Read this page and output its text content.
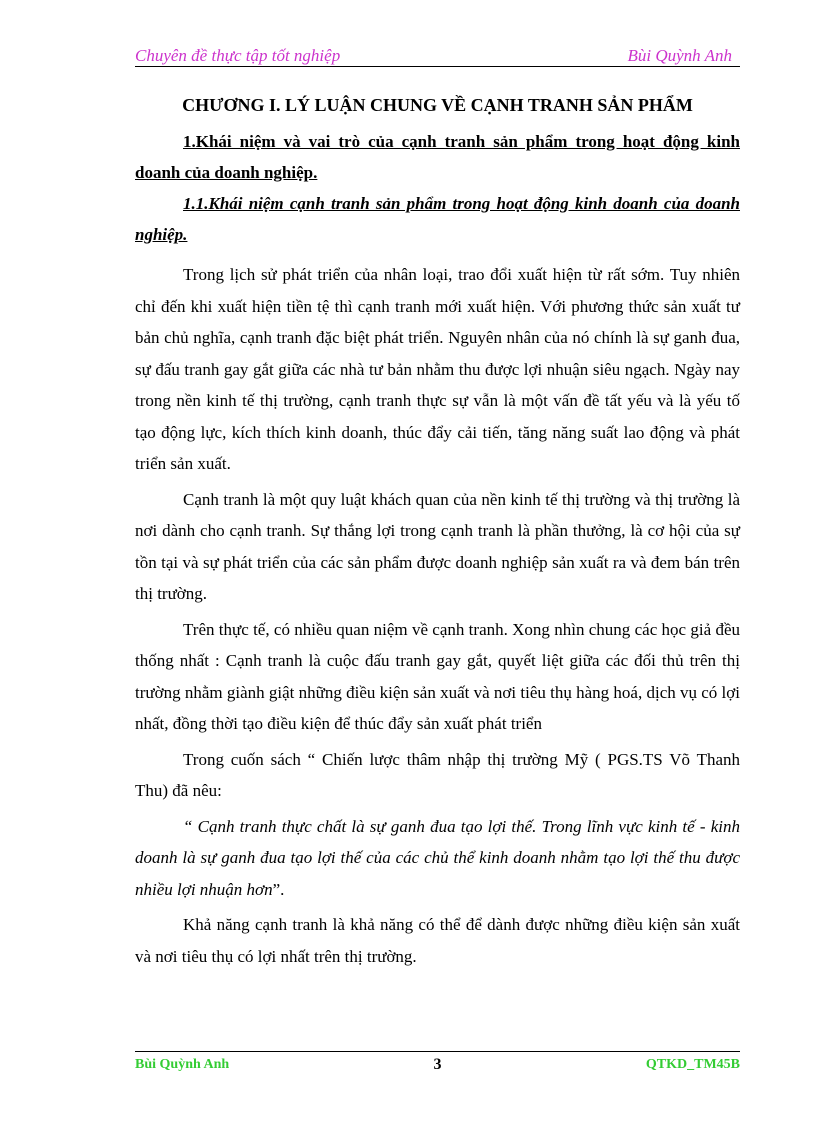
Chuyên đề thực tập tốt nghiệp	Bùi Quỳnh Anh
CHƯƠNG I. LÝ LUẬN CHUNG VỀ CẠNH TRANH SẢN PHẨM

1.Khái niệm và vai trò của cạnh tranh sản phẩm trong hoạt động kinh doanh của doanh nghiệp.

1.1.Khái niệm cạnh tranh sản phẩm trong hoạt động kinh doanh của doanh nghiệp.

Trong lịch sử phát triển của nhân loại, trao đổi xuất hiện từ rất sớm. Tuy nhiên chỉ đến khi xuất hiện tiền tệ thì cạnh tranh mới xuất hiện. Với phương thức sản xuất tư bản chủ nghĩa, cạnh tranh đặc biệt phát triển. Nguyên nhân của nó chính là sự ganh đua, sự đấu tranh gay gắt giữa các nhà tư bản nhằm thu được lợi nhuận siêu ngạch. Ngày nay trong nền kinh tế thị trường, cạnh tranh thực sự vẫn là một vấn đề tất yếu và là yếu tố tạo động lực, kích thích kinh doanh, thúc đẩy cải tiến, tăng năng suất lao động và phát triển sản xuất.

Cạnh tranh là một quy luật khách quan của nền kinh tế thị trường và thị trường là nơi dành cho cạnh tranh. Sự thắng lợi trong cạnh tranh là phần thưởng, là cơ hội của sự tồn tại và sự phát triển của các sản phẩm được doanh nghiệp sản xuất ra và đem bán trên thị trường.

Trên thực tế, có nhiều quan niệm về cạnh tranh. Xong nhìn chung các học giả đều thống nhất : Cạnh tranh là cuộc đấu tranh gay gắt, quyết liệt giữa các đối thủ trên thị trường nhằm giành giật những điều kiện sản xuất và nơi tiêu thụ hàng hoá, dịch vụ có lợi nhất, đồng thời tạo điều kiện để thúc đẩy sản xuất phát triển

Trong cuốn sách “ Chiến lược thâm nhập thị trường Mỹ ( PGS.TS Võ Thanh Thu) đã nêu:

“ Cạnh tranh thực chất là sự ganh đua tạo lợi thế. Trong lĩnh vực kinh tế - kinh doanh là sự ganh đua tạo lợi thế của các chủ thể kinh doanh nhằm tạo lợi thế thu được nhiều lợi nhuận hơn”.

Khả năng cạnh tranh là khả năng có thể để dành được những điều kiện sản xuất và nơi tiêu thụ có lợi nhất trên thị trường.

Bùi Quỳnh Anh	3	QTKD_TM45B
